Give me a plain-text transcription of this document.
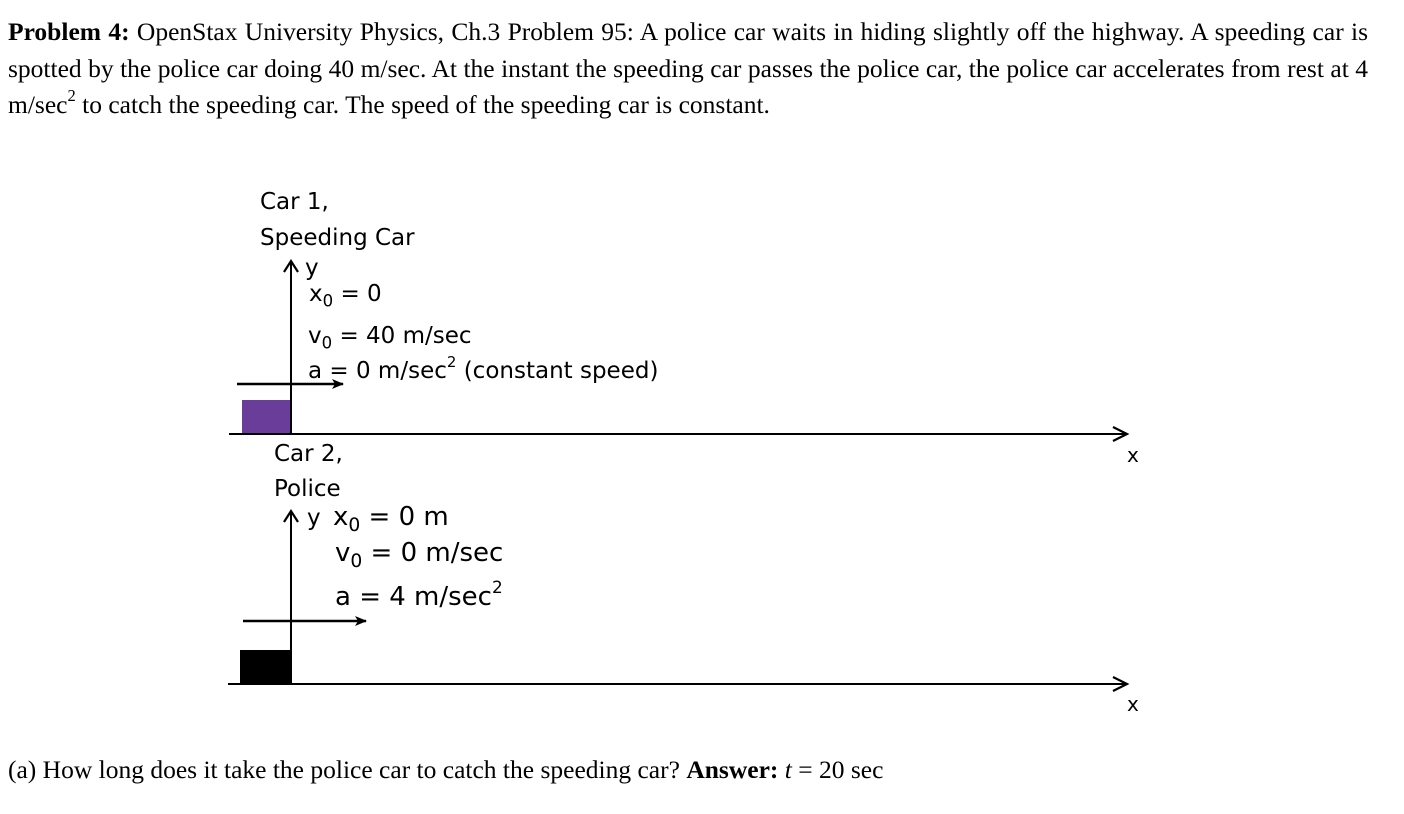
Problem 4: OpenStax University Physics, Ch.3 Problem 95: A police car waits in hiding slightly off the highway. A speeding car is spotted by the police car doing 40 m/sec. At the instant the speeding car passes the police car, the police car accelerates from rest at 4 $m/\sec^2$ to catch the speeding car. The speed of the speeding car is constant.

Car 1,
Speeding Car
y
$x_0 = 0$
$v_0 = 40$ m/sec
a = 0 $m/\sec^2$ (constant speed)
x
Car 2,
Police
y $x_0 = 0$ m
$v_0 = 0$ m/sec
a = 4 $m/\sec^2$
x
(a) How long does it take the police car to catch the speeding car? Answer: t = 20 sec
